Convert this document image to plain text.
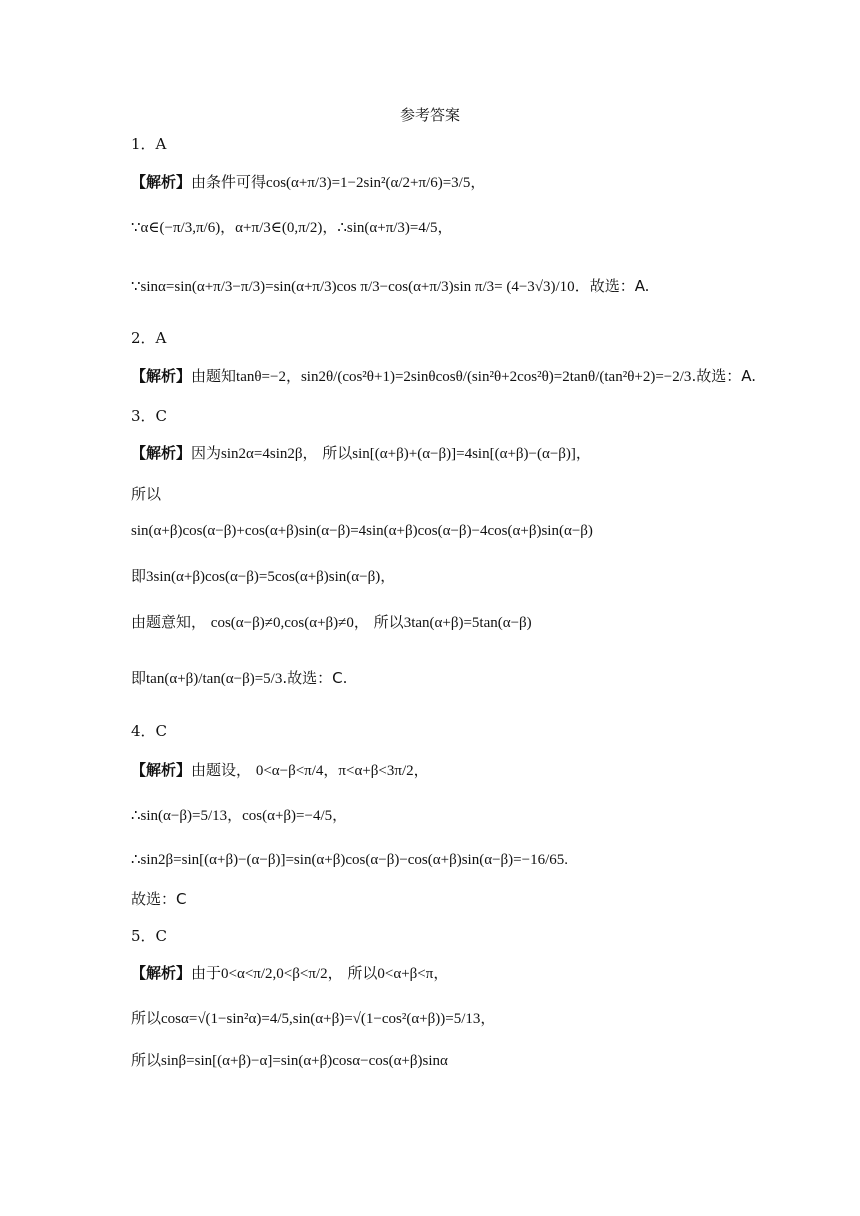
参考答案
1．A
【解析】由条件可得cos(α+π/3)=1−2sin²(α/2+π/6)=3/5，
∵α∈(−π/3,π/6)，α+π/3∈(0,π/2)，∴sin(α+π/3)=4/5，
∵sinα=sin(α+π/3−π/3)=sin(α+π/3)cos π/3−cos(α+π/3)sin π/3= (4−3√3)/10．故选：A.
2．A
【解析】由题知tanθ=−2，sin2θ/(cos²θ+1)=2sinθcosθ/(sin²θ+2cos²θ)=2tanθ/(tan²θ+2)=−2/3.故选：A.
3．C
【解析】因为sin2α=4sin2β， 所以sin[(α+β)+(α−β)]=4sin[(α+β)−(α−β)]，
所以
sin(α+β)cos(α−β)+cos(α+β)sin(α−β)=4sin(α+β)cos(α−β)−4cos(α+β)sin(α−β)
即3sin(α+β)cos(α−β)=5cos(α+β)sin(α−β)，
由题意知， cos(α−β)≠0,cos(α+β)≠0， 所以3tan(α+β)=5tan(α−β)
即tan(α+β)/tan(α−β)=5/3.故选：C.
4．C
【解析】由题设， 0<α−β<π/4，π<α+β<3π/2，
∴sin(α−β)=5/13，cos(α+β)=−4/5，
∴sin2β=sin[(α+β)−(α−β)]=sin(α+β)cos(α−β)−cos(α+β)sin(α−β)=−16/65.
故选：C
5．C
【解析】由于0<α<π/2,0<β<π/2， 所以0<α+β<π，
所以cosα=√(1−sin²α)=4/5,sin(α+β)=√(1−cos²(α+β))=5/13，
所以sinβ=sin[(α+β)−α]=sin(α+β)cosα−cos(α+β)sinα
